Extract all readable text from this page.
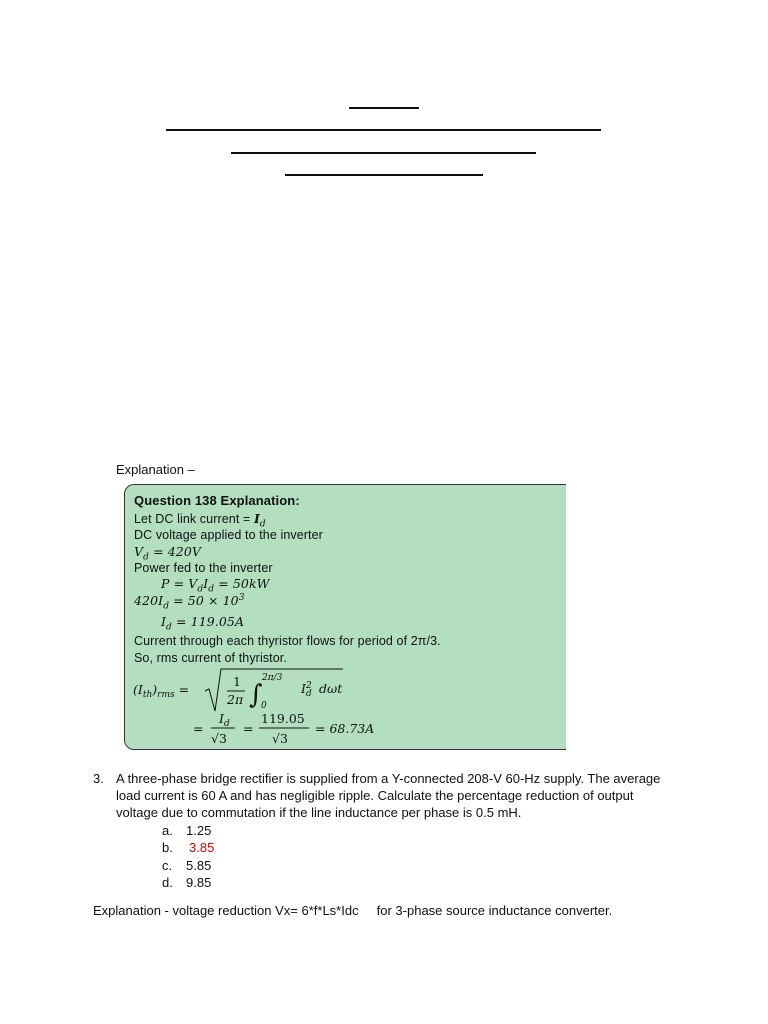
Explanation –
Question 138 Explanation:
Let DC link current = $I_d$
DC voltage applied to the inverter
$V_d = 420V$
Power fed to the inverter
$P = V_dI_d = 50kW$
$420I_d = 50 \times 10^3$
$I_d = 119.05A$
Current through each thyristor flows for period of 2π/3.
So, rms current of thyristor.
$(I_{th})_{rms}$ =
1
2π ∫
2π/3
0
$I^2$
d dωt
=
$I_d$
√3
=
119.05
√3
= 68.73A
3. A three-phase bridge rectifier is supplied from a Y-connected 208-V 60-Hz supply. The average
load current is 60 A and has negligible ripple. Calculate the percentage reduction of output
voltage due to commutation if the line inductance per phase is 0.5 mH.
a. 1.25
b. 3.85
c. 5.85
d. 9.85
Explanation - voltage reduction Vx= 6*f*Ls*Idc     for 3-phase source inductance converter.
